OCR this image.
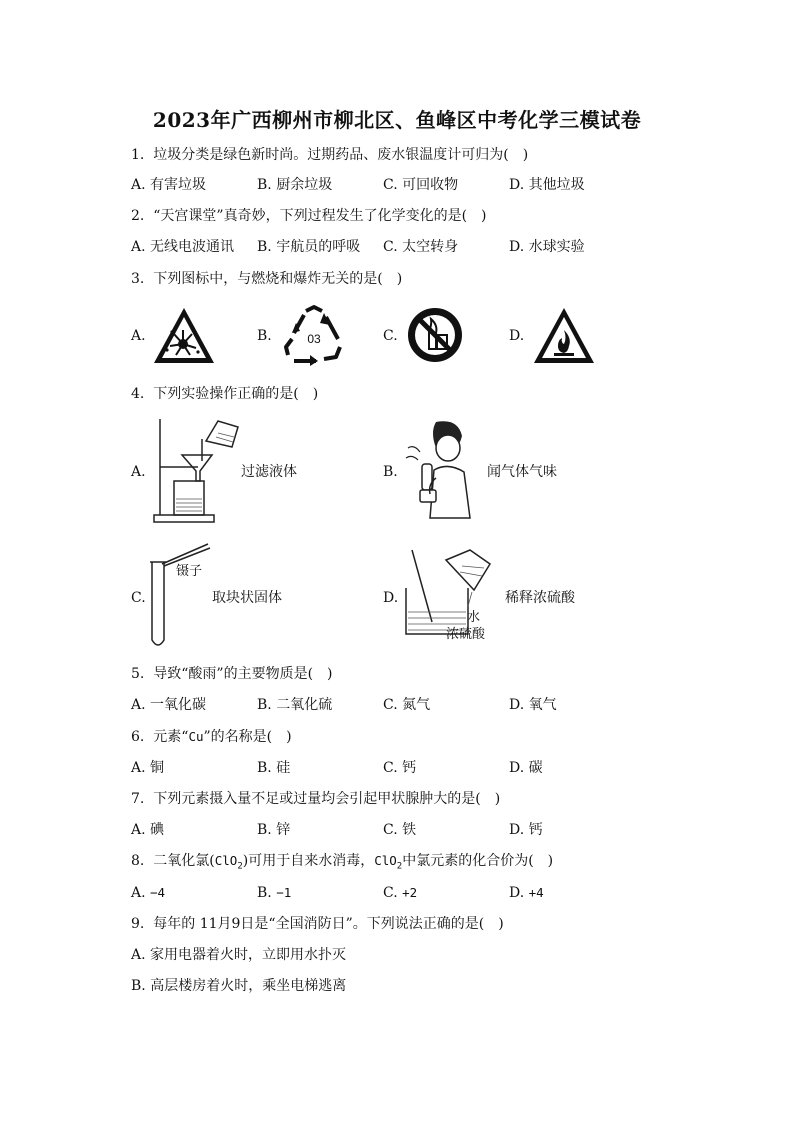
2023年广西柳州市柳北区、鱼峰区中考化学三模试卷
1. 垃圾分类是绿色新时尚。过期药品、废水银温度计可归为(　)
A. 有害垃圾	B. 厨余垃圾	C. 可回收物	D. 其他垃圾
2. “天宫课堂”真奇妙，下列过程发生了化学变化的是(　)
A. 无线电波通讯 B. 宇航员的呼吸 C. 太空转身	D. 水球实验
3. 下列图标中，与燃烧和爆炸无关的是(　)
A.	B.	C.	D.
03
4. 下列实验操作正确的是(　)
A.	B.
C.	D.
过滤液体	闻气体气味
取块状固体	稀释浓硫酸
镊子
水
浓硫酸
5. 导致“酸雨”的主要物质是(　)
A. 一氧化碳	B. 二氧化硫	C. 氮气	D. 氧气
6. 元素“Cu”的名称是(　)
A. 铜	B. 硅	C. 钙	D. 碳
7. 下列元素摄入量不足或过量均会引起甲状腺肿大的是(　)
A. 碘	B. 锌	C. 铁	D. 钙
8. 二氧化氯(ClO$_2$)可用于自来水消毒，ClO$_2$中氯元素的化合价为(　)
A. −4	B. −1	C. +2	D. +4
9. 每年的 11月9日是“全国消防日”。下列说法正确的是(　)
A. 家用电器着火时，立即用水扑灭
B. 高层楼房着火时，乘坐电梯逃离
